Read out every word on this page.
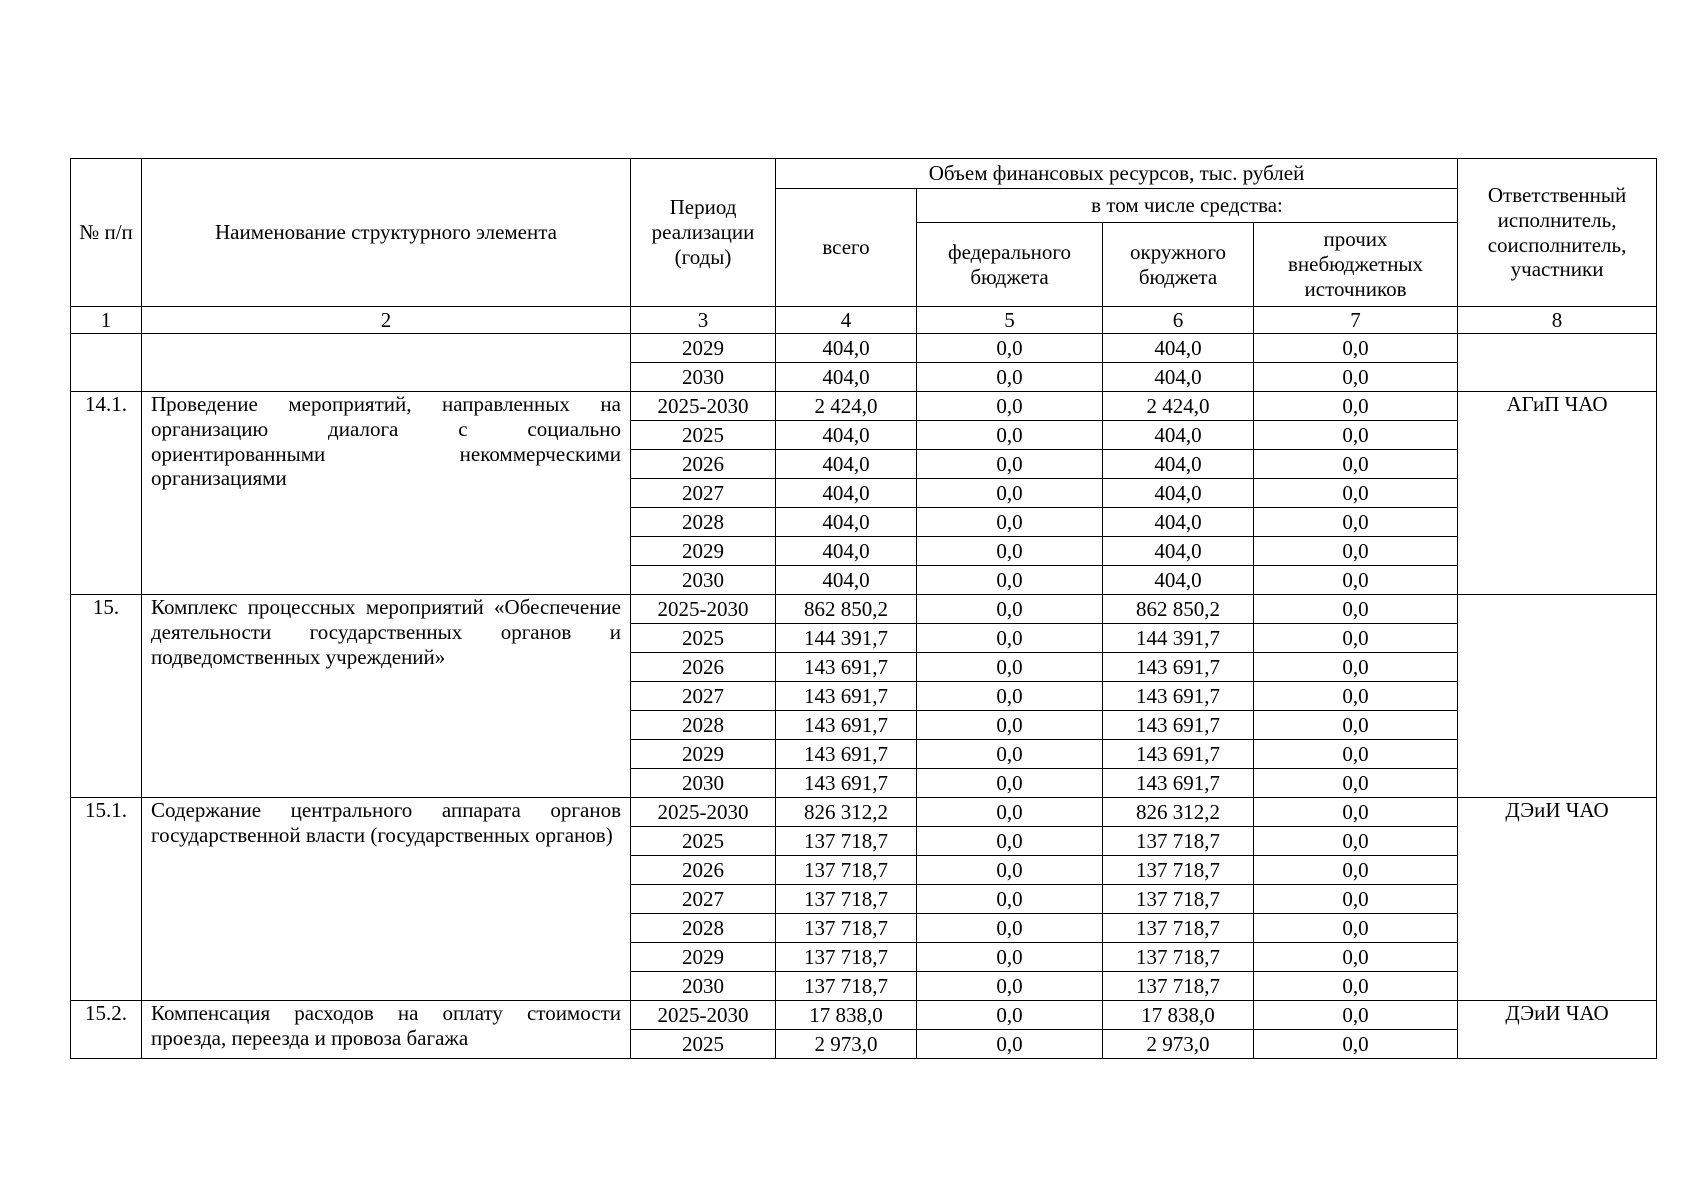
№ п/п	Наименование структурного элемента	Период реализации (годы)	Объем финансовых ресурсов, тыс. рублей				Ответственный исполнитель, соисполнитель, участники
			всего	в том числе средства:			
				федерального бюджета	окружного бюджета	прочих внебюджетных источников	
1	2	3	4	5	6	7	8
		2029	404,0	0,0	404,0	0,0	
		2030	404,0	0,0	404,0	0,0	
14.1.	Проведение мероприятий, направленных на организацию диалога с социально ориентированными некоммерческими организациями	2025-2030	2 424,0	0,0	2 424,0	0,0	АГиП ЧАО
		2025	404,0	0,0	404,0	0,0	
		2026	404,0	0,0	404,0	0,0	
		2027	404,0	0,0	404,0	0,0	
		2028	404,0	0,0	404,0	0,0	
		2029	404,0	0,0	404,0	0,0	
		2030	404,0	0,0	404,0	0,0	
15.	Комплекс процессных мероприятий «Обеспечение деятельности государственных органов и подведомственных учреждений»	2025-2030	862 850,2	0,0	862 850,2	0,0	
		2025	144 391,7	0,0	144 391,7	0,0	
		2026	143 691,7	0,0	143 691,7	0,0	
		2027	143 691,7	0,0	143 691,7	0,0	
		2028	143 691,7	0,0	143 691,7	0,0	
		2029	143 691,7	0,0	143 691,7	0,0	
		2030	143 691,7	0,0	143 691,7	0,0	
15.1.	Содержание центрального аппарата органов государственной власти (государственных органов)	2025-2030	826 312,2	0,0	826 312,2	0,0	ДЭиИ ЧАО
		2025	137 718,7	0,0	137 718,7	0,0	
		2026	137 718,7	0,0	137 718,7	0,0	
		2027	137 718,7	0,0	137 718,7	0,0	
		2028	137 718,7	0,0	137 718,7	0,0	
		2029	137 718,7	0,0	137 718,7	0,0	
		2030	137 718,7	0,0	137 718,7	0,0	
15.2.	Компенсация расходов на оплату стоимости проезда, переезда и провоза багажа	2025-2030	17 838,0	0,0	17 838,0	0,0	ДЭиИ ЧАО
		2025	2 973,0	0,0	2 973,0	0,0	
